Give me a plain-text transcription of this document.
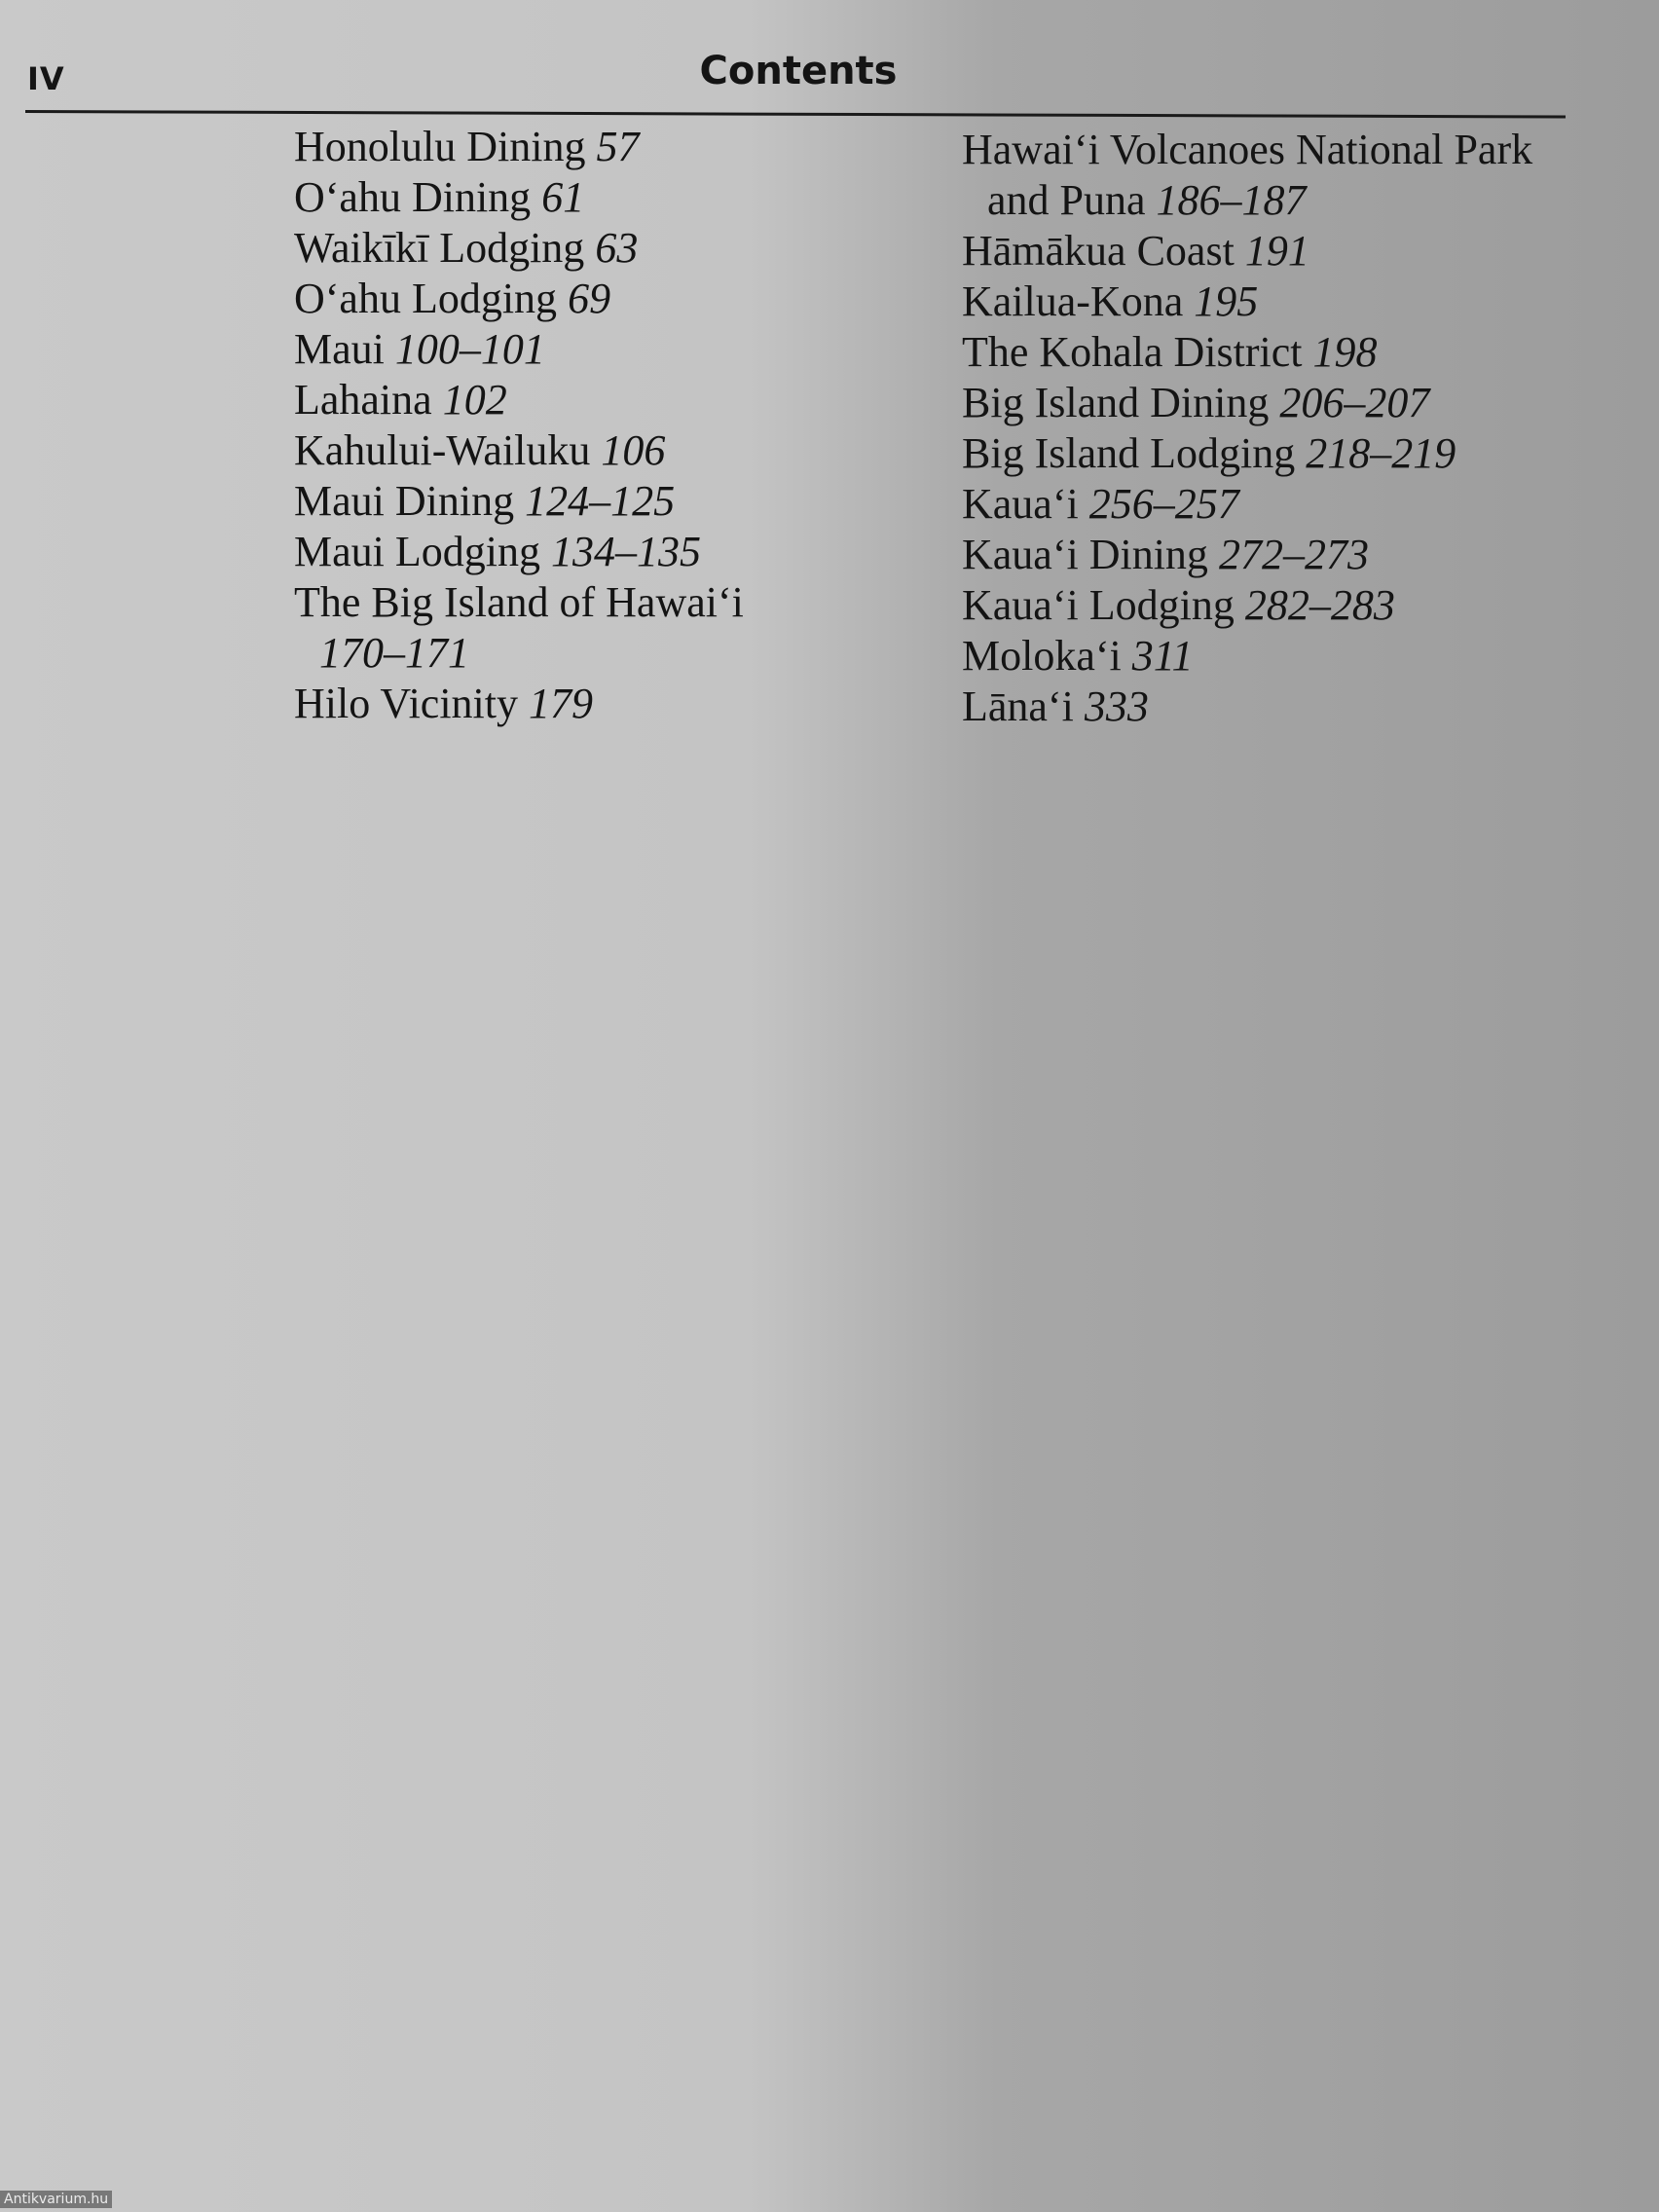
IV	Contents
Honolulu Dining 57
O‘ahu Dining 61
Waikīkī Lodging 63
O‘ahu Lodging 69
Maui 100–101
Lahaina 102
Kahului-Wailuku 106
Maui Dining 124–125
Maui Lodging 134–135
The Big Island of Hawai‘i
170–171
Hilo Vicinity 179
Hawai‘i Volcanoes National Park and Puna 186–187
Hāmākua Coast 191
Kailua-Kona 195
The Kohala District 198
Big Island Dining 206–207
Big Island Lodging 218–219
Kaua‘i 256–257
Kaua‘i Dining 272–273
Kaua‘i Lodging 282–283
Moloka‘i 311
Lāna‘i 333
Antikvarium.hu
